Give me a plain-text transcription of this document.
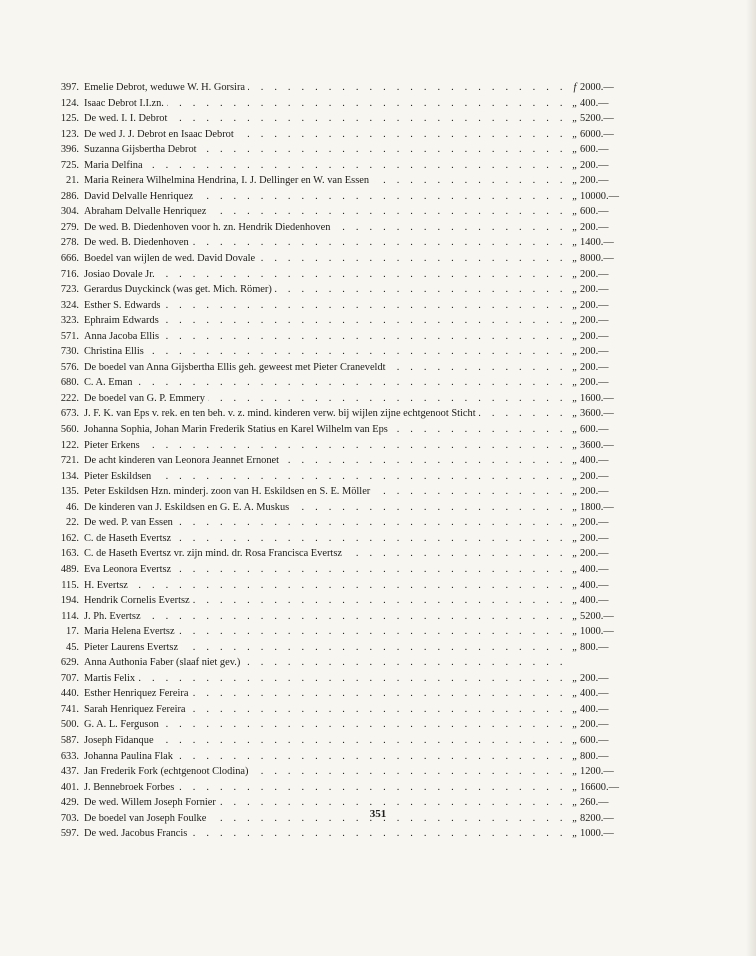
397. Emelie Debrot, weduwe W. H. Gorsira . . .	f 2000.—
124. Isaac Debrot I.I.zn. . . .	„ 400.—
125. De wed. I. I. Debrot . . .	„ 5200.—
123. De wed J. J. Debrot en Isaac Debrot . . .	„ 6000.—
396. Suzanna Gijsbertha Debrot . . .	„ 600.—
725. Maria Delfina . . .	„ 200.—
21. Maria Reinera Wilhelmina Hendrina, I. J. Dellinger en W. van Essen . . .	„ 200.—
286. David Delvalle Henriquez . . .	„ 10000.—
304. Abraham Delvalle Henriquez . . .	„ 600.—
279. De wed. B. Diedenhoven voor h. zn. Hendrik Diedenhoven . . .	„ 200.—
278. De wed. B. Diedenhoven . . .	„ 1400.—
666. Boedel van wijlen de wed. David Dovale . . .	„ 8000.—
716. Josiao Dovale Jr. . . .	„ 200.—
723. Gerardus Duyckinck (was get. Mich. Römer) . . .	„ 200.—
324. Esther S. Edwards . . .	„ 200.—
323. Ephraim Edwards . . .	„ 200.—
571. Anna Jacoba Ellis . . .	„ 200.—
730. Christina Ellis . . .	„ 200.—
576. De boedel van Anna Gijsbertha Ellis geh. geweest met Pieter Craneveldt . . .	„ 200.—
680. C. A. Eman . . .	„ 200.—
222. De boedel van G. P. Emmery . . .	„ 1600.—
673. J. F. K. van Eps v. rek. en ten beh. v. z. mind. kinderen verw. bij wijlen zijne echtgenoot Sticht . . .	„ 3600.—
560. Johanna Sophia, Johan Marin Frederik Statius en Karel Wilhelm van Eps . . .	„ 600.—
122. Pieter Erkens . . .	„ 3600.—
721. De acht kinderen van Leonora Jeannet Ernonet . . .	„ 400.—
134. Pieter Eskildsen . . .	„ 200.—
135. Peter Eskildsen Hzn. minderj. zoon van H. Eskildsen en S. E. Möller . . .	„ 200.—
46. De kinderen van J. Eskildsen en G. E. A. Muskus . . .	„ 1800.—
22. De wed. P. van Essen . . .	„ 200.—
162. C. de Haseth Evertsz . . .	„ 200.—
163. C. de Haseth Evertsz vr. zijn mind. dr. Rosa Francisca Evertsz . . .	„ 200.—
489. Eva Leonora Evertsz . . .	„ 400.—
115. H. Evertsz . . .	„ 400.—
194. Hendrik Cornelis Evertsz . . .	„ 400.—
114. J. Ph. Evertsz . . .	„ 5200.—
17. Maria Helena Evertsz . . .	„ 1000.—
45. Pieter Laurens Evertsz . . .	„ 800.—
629. Anna Authonia Faber (slaaf niet gev.) . . .
707. Martis Felix . . .	„ 200.—
440. Esther Henriquez Fereira . . .	„ 400.—
741. Sarah Henriquez Fereira . . .	„ 400.—
500. G. A. L. Ferguson . . .	„ 200.—
587. Joseph Fidanque . . .	„ 600.—
633. Johanna Paulina Flak . . .	„ 800.—
437. Jan Frederik Fork (echtgenoot Clodina) . . .	„ 1200.—
401. J. Bennebroek Forbes . . .	„ 16600.—
429. De wed. Willem Joseph Fornier . . .	„ 260.—
703. De boedel van Joseph Foulke . . .	„ 8200.—
597. De wed. Jacobus Francis . . .	„ 1000.—
351
